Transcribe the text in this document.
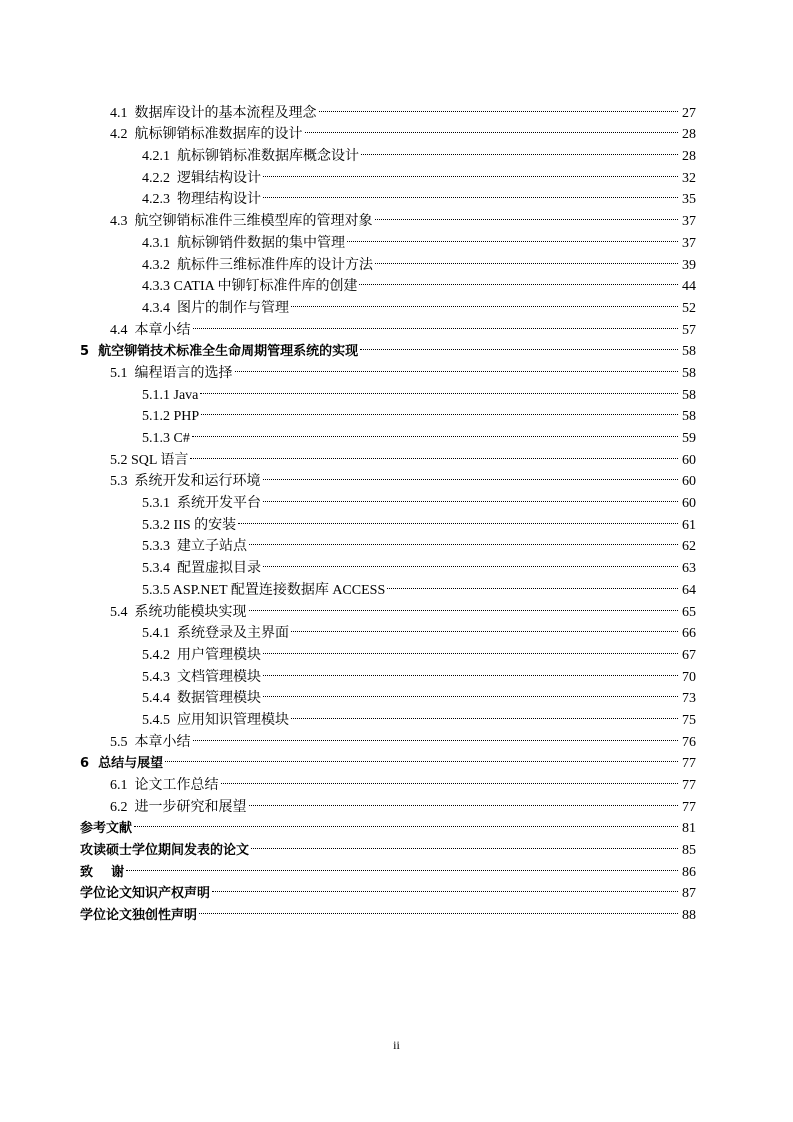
4.1  数据库设计的基本流程及理念	27
4.2  航标铆销标准数据库的设计	28
4.2.1  航标铆销标准数据库概念设计	28
4.2.2  逻辑结构设计	32
4.2.3  物理结构设计	35
4.3  航空铆销标准件三维模型库的管理对象	37
4.3.1  航标铆销件数据的集中管理	37
4.3.2  航标件三维标准件库的设计方法	39
4.3.3 CATIA 中铆钉标准件库的创建	44
4.3.4  图片的制作与管理	52
4.4  本章小结	57
5  航空铆销技术标准全生命周期管理系统的实现	58
5.1  编程语言的选择	58
5.1.1 Java	58
5.1.2 PHP	58
5.1.3 C#	59
5.2 SQL 语言	60
5.3  系统开发和运行环境	60
5.3.1  系统开发平台	60
5.3.2 IIS 的安装	61
5.3.3  建立子站点	62
5.3.4  配置虚拟目录	63
5.3.5 ASP.NET 配置连接数据库 ACCESS	64
5.4  系统功能模块实现	65
5.4.1  系统登录及主界面	66
5.4.2  用户管理模块	67
5.4.3  文档管理模块	70
5.4.4  数据管理模块	73
5.4.5  应用知识管理模块	75
5.5  本章小结	76
6  总结与展望	77
6.1  论文工作总结	77
6.2  进一步研究和展望	77
参考文献	81
攻读硕士学位期间发表的论文	85
致    谢	86
学位论文知识产权声明	87
学位论文独创性声明	88
ii
